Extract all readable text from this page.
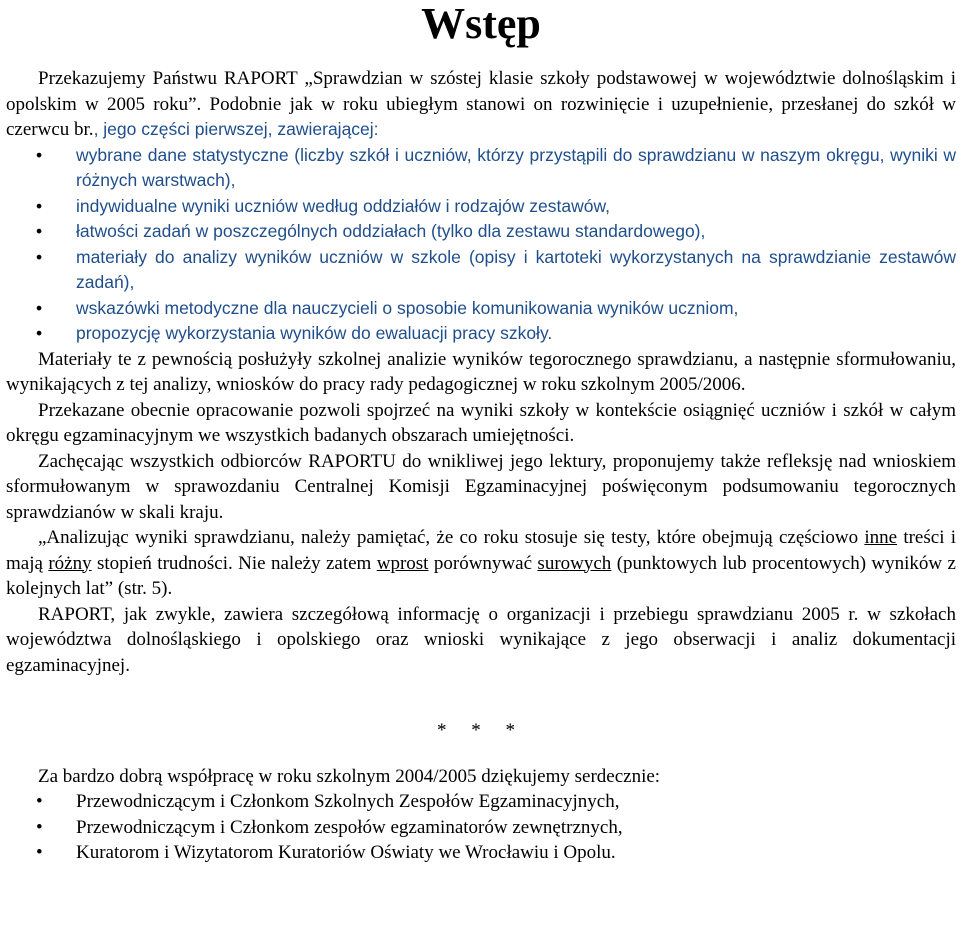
Wstęp

Przekazujemy Państwu RAPORT „Sprawdzian w szóstej klasie szkoły podstawowej w województwie dolnośląskim i opolskim w 2005 roku”. Podobnie jak w roku ubiegłym stanowi on rozwinięcie i uzupełnienie, przesłanej do szkół w czerwcu br., jego części pierwszej, zawierającej:

• wybrane dane statystyczne (liczby szkół i uczniów, którzy przystąpili do sprawdzianu w naszym okręgu, wyniki w różnych warstwach),
• indywidualne wyniki uczniów według oddziałów i rodzajów zestawów,
• łatwości zadań w poszczególnych oddziałach (tylko dla zestawu standardowego),
• materiały do analizy wyników uczniów w szkole (opisy i kartoteki wykorzystanych na sprawdzianie zestawów zadań),
• wskazówki metodyczne dla nauczycieli o sposobie komunikowania wyników uczniom,
• propozycję wykorzystania wyników do ewaluacji pracy szkoły.

Materiały te z pewnością posłużyły szkolnej analizie wyników tegorocznego sprawdzianu, a następnie sformułowaniu, wynikających z tej analizy, wniosków do pracy rady pedagogicznej w roku szkolnym 2005/2006.

Przekazane obecnie opracowanie pozwoli spojrzeć na wyniki szkoły w kontekście osiągnięć uczniów i szkół w całym okręgu egzaminacyjnym we wszystkich badanych obszarach umiejętności.

Zachęcając wszystkich odbiorców RAPORTU do wnikliwej jego lektury, proponujemy także refleksję nad wnioskiem sformułowanym w sprawozdaniu Centralnej Komisji Egzaminacyjnej poświęconym podsumowaniu tegorocznych sprawdzianów w skali kraju.

„Analizując wyniki sprawdzianu, należy pamiętać, że co roku stosuje się testy, które obejmują częściowo inne treści i mają różny stopień trudności. Nie należy zatem wprost porównywać surowych (punktowych lub procentowych) wyników z kolejnych lat” (str. 5).

RAPORT, jak zwykle, zawiera szczegółową informację o organizacji i przebiegu sprawdzianu 2005 r. w szkołach województwa dolnośląskiego i opolskiego oraz wnioski wynikające z jego obserwacji i analiz dokumentacji egzaminacyjnej.

* * *

Za bardzo dobrą współpracę w roku szkolnym 2004/2005 dziękujemy serdecznie:

• Przewodniczącym i Członkom Szkolnych Zespołów Egzaminacyjnych,
• Przewodniczącym i Członkom zespołów egzaminatorów zewnętrznych,
• Kuratorom i Wizytatorom Kuratoriów Oświaty we Wrocławiu i Opolu.
